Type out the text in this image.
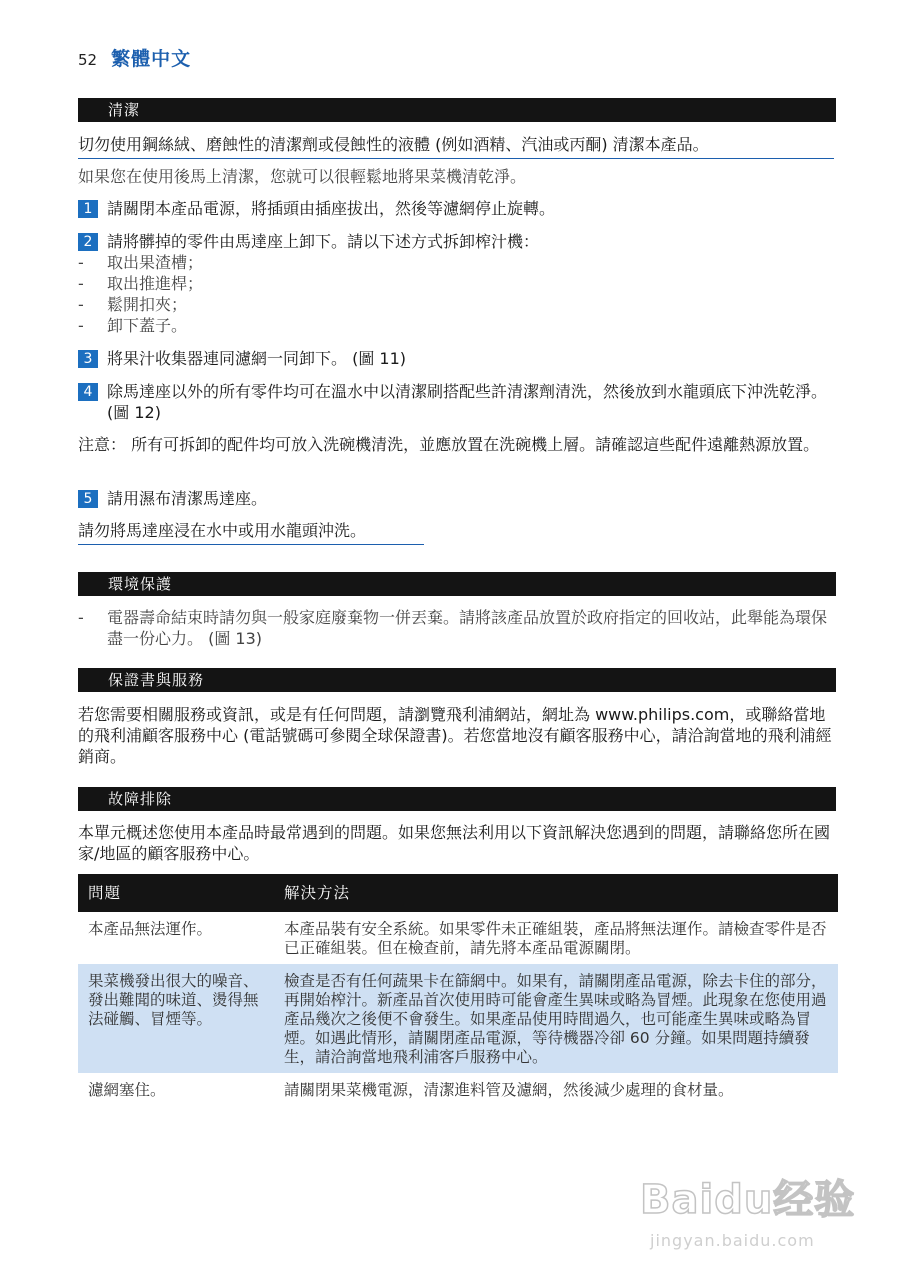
52 繁體中文
清潔
切勿使用鋼絲絨、磨蝕性的清潔劑或侵蝕性的液體 (例如酒精、汽油或丙酮) 清潔本產品。
如果您在使用後馬上清潔，您就可以很輕鬆地將果菜機清乾淨。
1 請關閉本產品電源，將插頭由插座拔出，然後等濾網停止旋轉。
2 請將髒掉的零件由馬達座上卸下。請以下述方式拆卸榨汁機：
-	取出果渣槽；
-	取出推進桿；
-	鬆開扣夾；
-	卸下蓋子。
3 將果汁收集器連同濾網一同卸下。 (圖 11)
4 除馬達座以外的所有零件均可在溫水中以清潔刷搭配些許清潔劑清洗，然後放到水龍頭底下沖洗乾淨。 (圖 12)
注意： 所有可拆卸的配件均可放入洗碗機清洗，並應放置在洗碗機上層。請確認這些配件遠離熱源放置。
5 請用濕布清潔馬達座。
請勿將馬達座浸在水中或用水龍頭沖洗。
環境保護
-	電器壽命結束時請勿與一般家庭廢棄物一併丟棄。請將該產品放置於政府指定的回收站，此舉能為環保盡一份心力。 (圖 13)
保證書與服務
若您需要相關服務或資訊，或是有任何問題，請瀏覽飛利浦網站，網址為 www.philips.com，或聯絡當地的飛利浦顧客服務中心 (電話號碼可參閱全球保證書)。若您當地沒有顧客服務中心，請洽詢當地的飛利浦經銷商。
故障排除
本單元概述您使用本產品時最常遇到的問題。如果您無法利用以下資訊解決您遇到的問題，請聯絡您所在國家/地區的顧客服務中心。
問題	解決方法
本產品無法運作。	本產品裝有安全系統。如果零件未正確組裝，產品將無法運作。請檢查零件是否已正確組裝。但在檢查前，請先將本產品電源關閉。
果菜機發出很大的噪音、發出難聞的味道、燙得無法碰觸、冒煙等。	檢查是否有任何蔬果卡在篩網中。如果有，請關閉產品電源，除去卡住的部分，再開始榨汁。新產品首次使用時可能會產生異味或略為冒煙。此現象在您使用過產品幾次之後便不會發生。如果產品使用時間過久，也可能產生異味或略為冒煙。如遇此情形，請關閉產品電源，等待機器冷卻 60 分鐘。如果問題持續發生，請洽詢當地飛利浦客戶服務中心。
濾網塞住。	請關閉果菜機電源，清潔進料管及濾網，然後減少處理的食材量。
Baidu经验
jingyan.baidu.com
